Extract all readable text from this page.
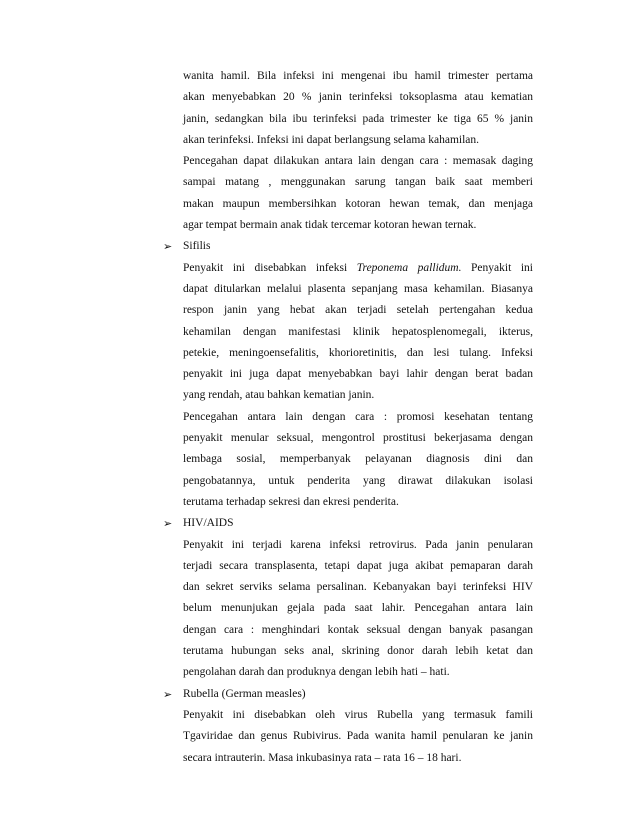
wanita hamil. Bila infeksi ini mengenai ibu hamil trimester pertama
akan menyebabkan 20 % janin terinfeksi toksoplasma atau kematian
janin, sedangkan bila ibu terinfeksi pada trimester ke tiga 65 % janin
akan terinfeksi. Infeksi ini dapat berlangsung selama kahamilan.
Pencegahan dapat dilakukan antara lain dengan cara : memasak daging
sampai matang , menggunakan sarung tangan baik saat memberi
makan maupun membersihkan kotoran hewan temak, dan menjaga
agar tempat bermain anak tidak tercemar kotoran hewan ternak.
➢ Sifilis
Penyakit ini disebabkan infeksi Treponema pallidum. Penyakit ini
dapat ditularkan melalui plasenta sepanjang masa kehamilan. Biasanya
respon janin yang hebat akan terjadi setelah pertengahan kedua
kehamilan dengan manifestasi klinik hepatosplenomegali, ikterus,
petekie, meningoensefalitis, khorioretinitis, dan lesi tulang. Infeksi
penyakit ini juga dapat menyebabkan bayi lahir dengan berat badan
yang rendah, atau bahkan kematian janin.
Pencegahan antara lain dengan cara : promosi kesehatan tentang
penyakit menular seksual, mengontrol prostitusi bekerjasama dengan
lembaga sosial, memperbanyak pelayanan diagnosis dini dan
pengobatannya, untuk penderita yang dirawat dilakukan isolasi
terutama terhadap sekresi dan ekresi penderita.
➢ HIV/AIDS
Penyakit ini terjadi karena infeksi retrovirus. Pada janin penularan
terjadi secara transplasenta, tetapi dapat juga akibat pemaparan darah
dan sekret serviks selama persalinan. Kebanyakan bayi terinfeksi HIV
belum menunjukan gejala pada saat lahir. Pencegahan antara lain
dengan cara : menghindari kontak seksual dengan banyak pasangan
terutama hubungan seks anal, skrining donor darah lebih ketat dan
pengolahan darah dan produknya dengan lebih hati – hati.
➢ Rubella (German measles)
Penyakit ini disebabkan oleh virus Rubella yang termasuk famili
Tgaviridae dan genus Rubivirus. Pada wanita hamil penularan ke janin
secara intrauterin. Masa inkubasinya rata – rata 16 – 18 hari.
